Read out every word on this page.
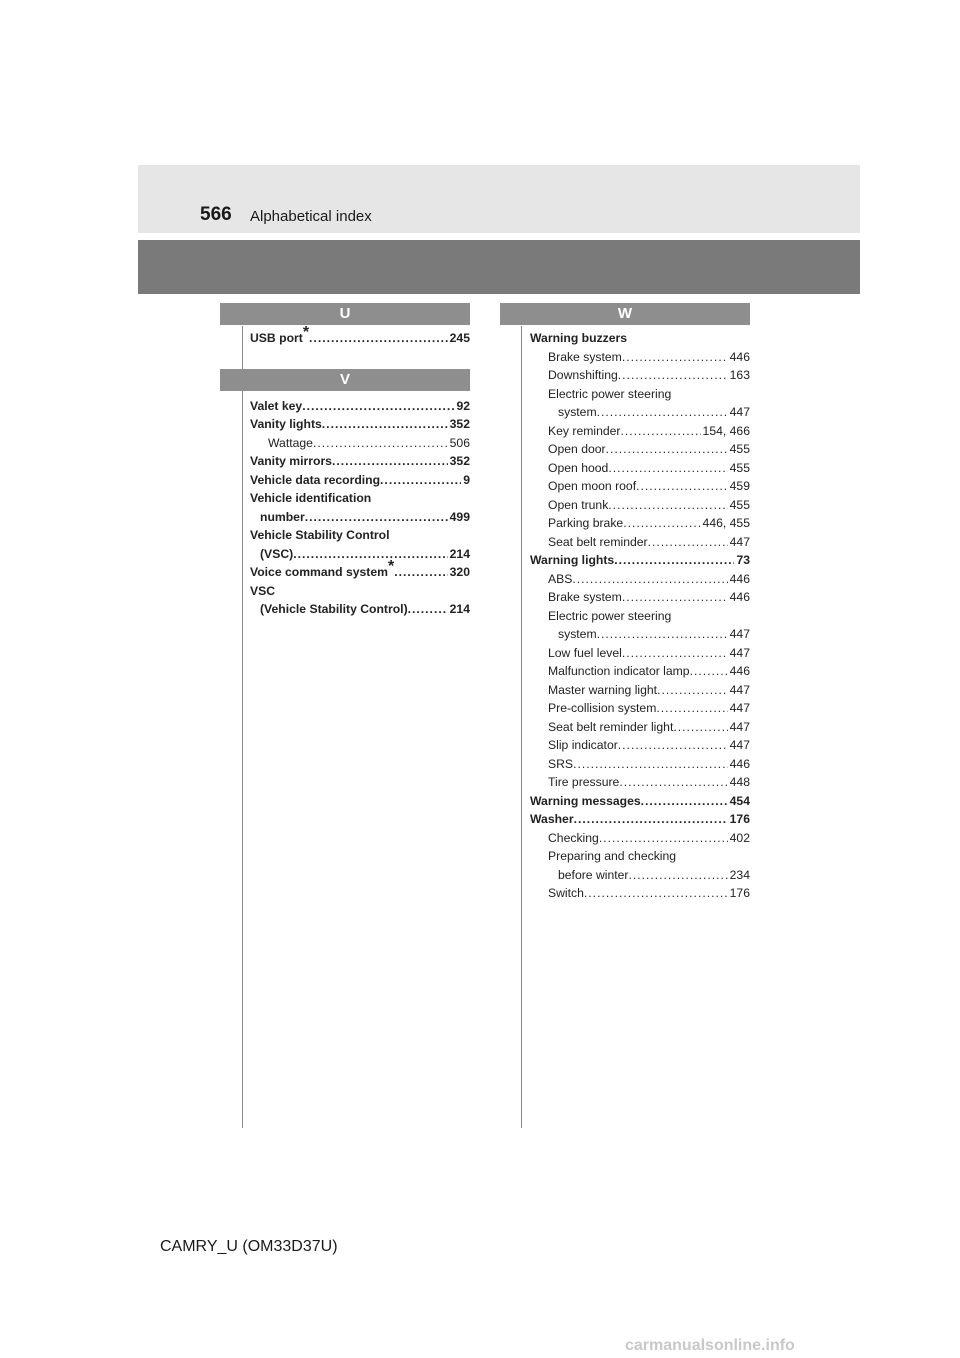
566 Alphabetical index
U
USB port* .....	245
V
Valet key .....	92
Vanity lights .....	352
Wattage .....	506
Vanity mirrors .....	352
Vehicle data recording .....	9
Vehicle identification
number .....	499
Vehicle Stability Control
(VSC) .....	214
Voice command system* .....	320
VSC
(Vehicle Stability Control) .....	214
W
Warning buzzers
Brake system .....	446
Downshifting .....	163
Electric power steering
system .....	447
Key reminder .....	154, 466
Open door .....	455
Open hood .....	455
Open moon roof .....	459
Open trunk .....	455
Parking brake .....	446, 455
Seat belt reminder .....	447
Warning lights .....	73
ABS .....	446
Brake system .....	446
Electric power steering
system .....	447
Low fuel level .....	447
Malfunction indicator lamp .....	446
Master warning light .....	447
Pre-collision system .....	447
Seat belt reminder light .....	447
Slip indicator .....	447
SRS .....	446
Tire pressure .....	448
Warning messages .....	454
Washer .....	176
Checking .....	402
Preparing and checking
before winter .....	234
Switch .....	176
CAMRY_U (OM33D37U)
carmanualsonline.info
